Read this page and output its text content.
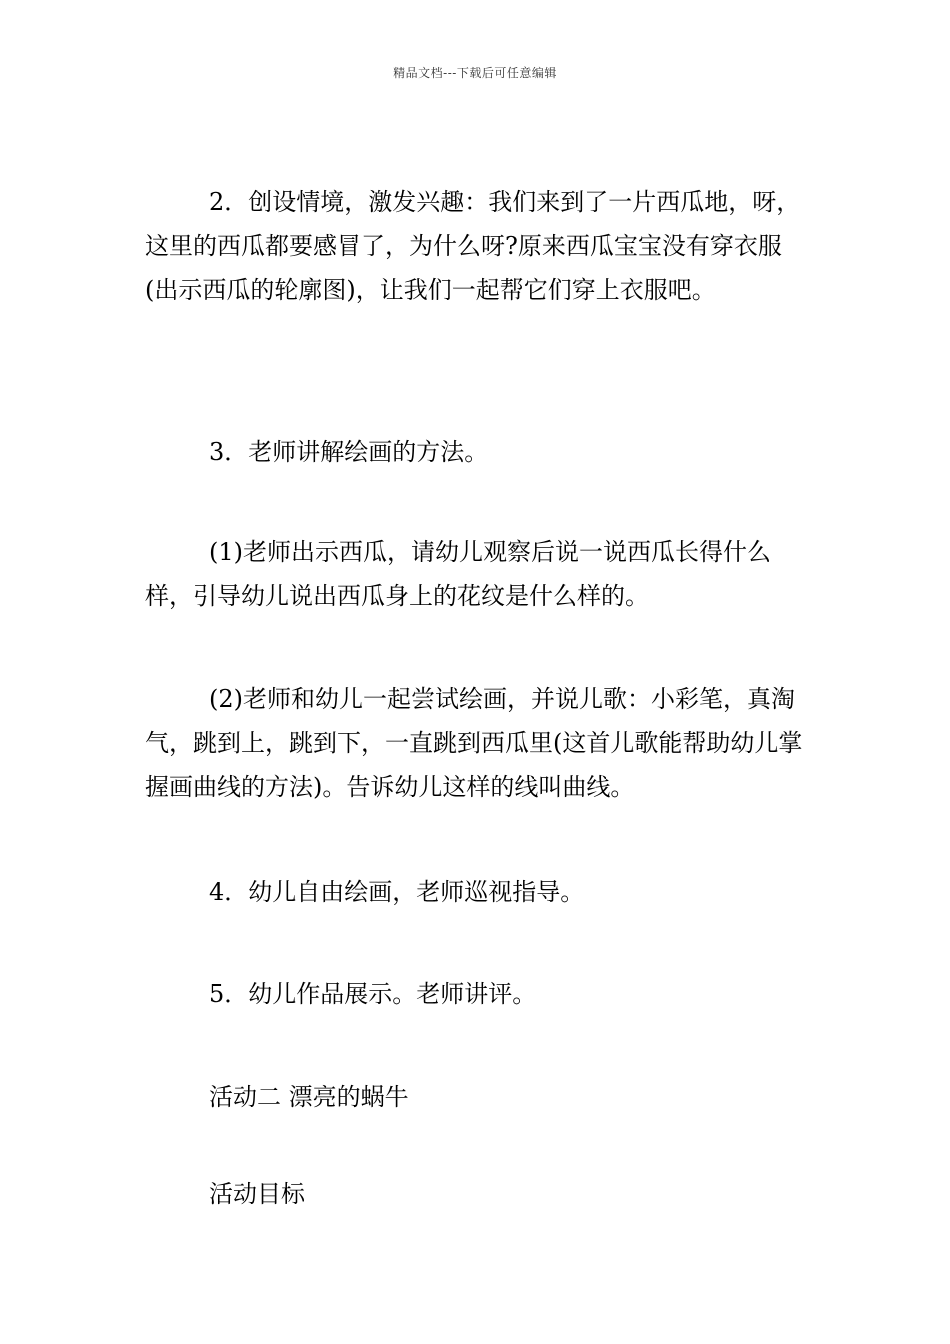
精品文档---下载后可任意编辑

2．创设情境，激发兴趣：我们来到了一片西瓜地，呀，这里的西瓜都要感冒了，为什么呀?原来西瓜宝宝没有穿衣服(出示西瓜的轮廓图)，让我们一起帮它们穿上衣服吧。

3．老师讲解绘画的方法。

(1)老师出示西瓜，请幼儿观察后说一说西瓜长得什么样，引导幼儿说出西瓜身上的花纹是什么样的。

(2)老师和幼儿一起尝试绘画，并说儿歌：小彩笔，真淘气，跳到上，跳到下，一直跳到西瓜里(这首儿歌能帮助幼儿掌握画曲线的方法)。告诉幼儿这样的线叫曲线。

4．幼儿自由绘画，老师巡视指导。

5．幼儿作品展示。老师讲评。

活动二 漂亮的蜗牛

活动目标
